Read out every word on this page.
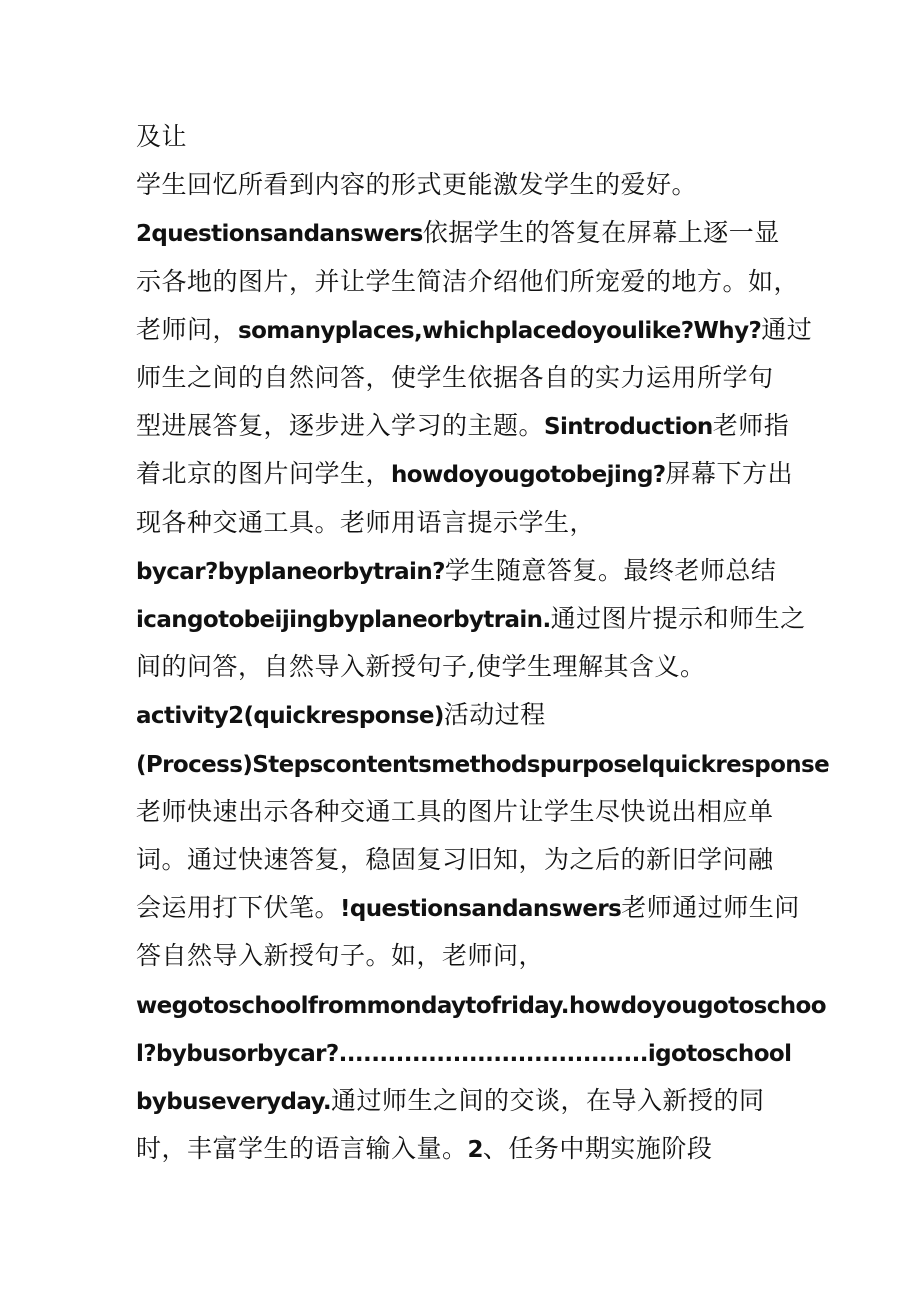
及让
学生回忆所看到内容的形式更能激发学生的爱好。
2questionsandanswers依据学生的答复在屏幕上逐一显
示各地的图片，并让学生简洁介绍他们所宠爱的地方。如，
老师问，somanyplaces,whichplacedoyoulike?Why?通过
师生之间的自然问答，使学生依据各自的实力运用所学句
型进展答复，逐步进入学习的主题。Sintroduction老师指
着北京的图片问学生，howdoyougotobejing?屏幕下方出
现各种交通工具。老师用语言提示学生，
bycar?byplaneorbytrain?学生随意答复。最终老师总结
icangotobeijingbyplaneorbytrain.通过图片提示和师生之
间的问答，自然导入新授句子,使学生理解其含义。
activity2(quickresponse)活动过程
(Process)Stepscontentsmethodspurposelquickresponse
老师快速出示各种交通工具的图片让学生尽快说出相应单
词。通过快速答复，稳固复习旧知，为之后的新旧学问融
会运用打下伏笔。!questionsandanswers老师通过师生问
答自然导入新授句子。如，老师问，
wegotoschoolfrommondaytofriday.howdoyougotoschoo
l?bybusorbycar?......................................igotoschool
bybuseveryday.通过师生之间的交谈，在导入新授的同
时，丰富学生的语言输入量。2、任务中期实施阶段
